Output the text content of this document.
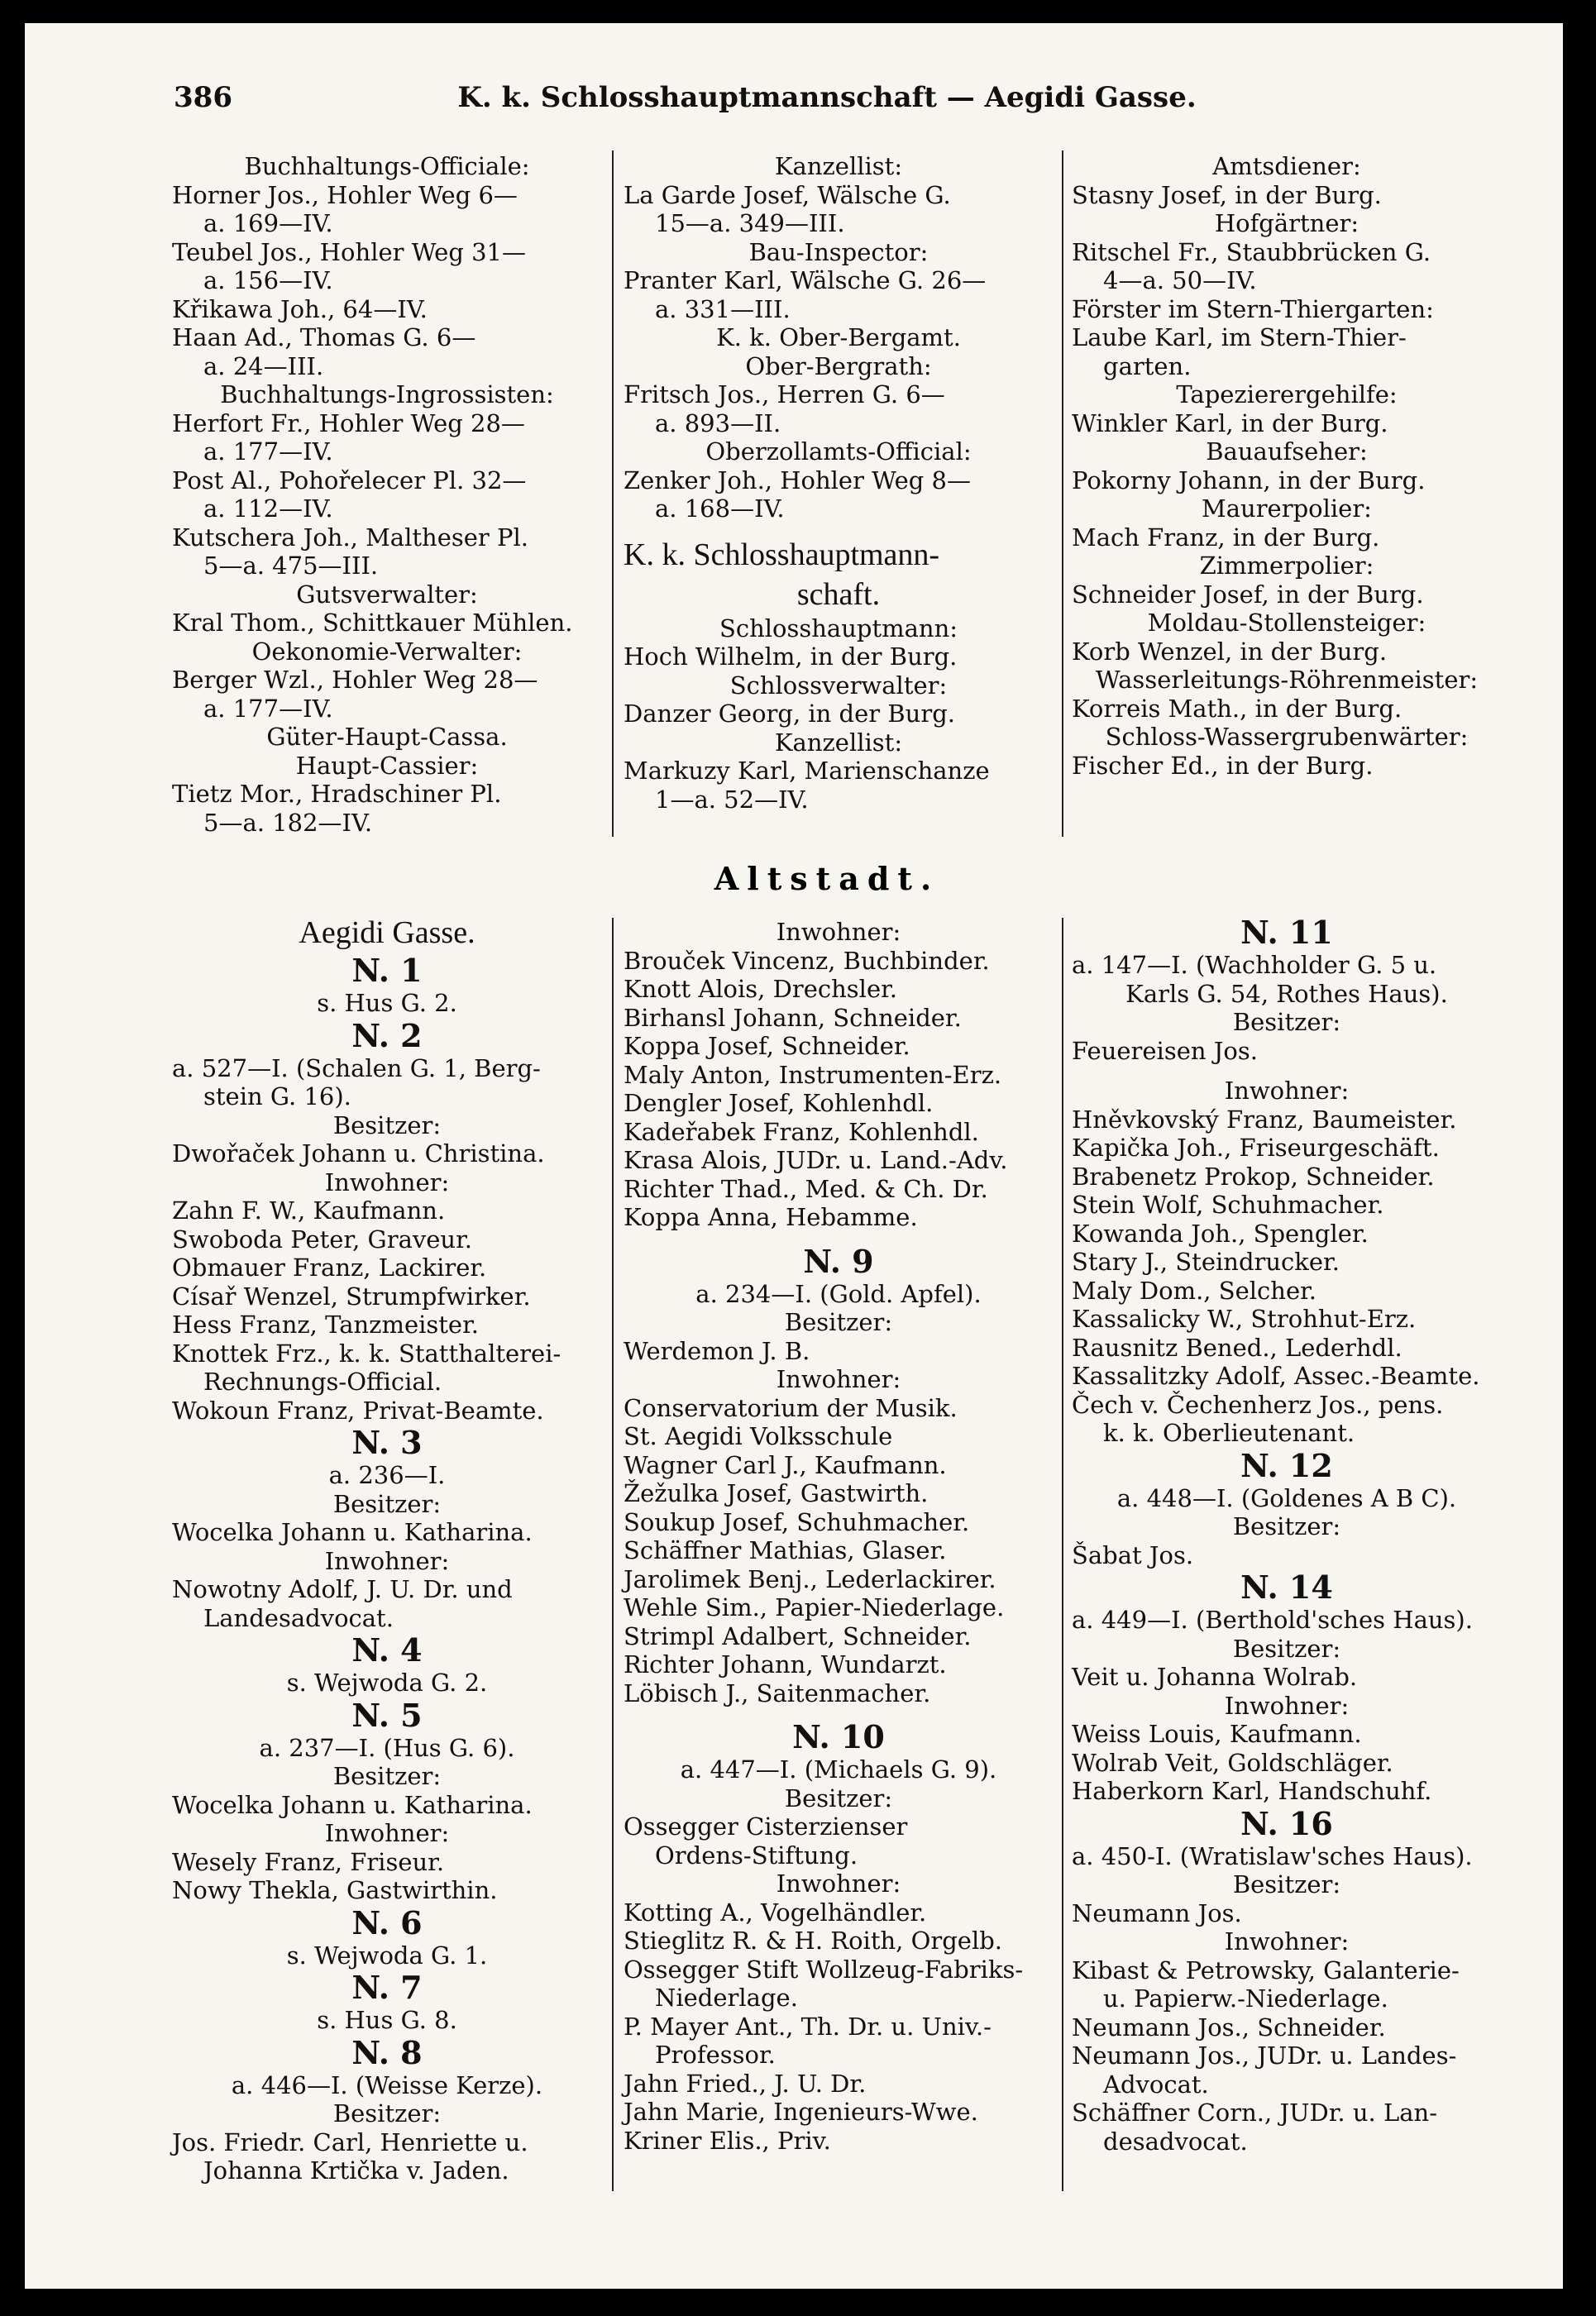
386	K. k. Schlosshauptmannschaft — Aegidi Gasse.
Buchhaltungs-Officiale:
Horner Jos., Hohler Weg 6—
a. 169—IV.
Teubel Jos., Hohler Weg 31—
a. 156—IV.
Křikawa Joh., 64—IV.
Haan Ad., Thomas G. 6—
a. 24—III.
Buchhaltungs-Ingrossisten:
Herfort Fr., Hohler Weg 28—
a. 177—IV.
Post Al., Pohořelecer Pl. 32—
a. 112—IV.
Kutschera Joh., Maltheser Pl.
5—a. 475—III.
Gutsverwalter:
Kral Thom., Schittkauer Mühlen.
Oekonomie-Verwalter:
Berger Wzl., Hohler Weg 28—
a. 177—IV.
Güter-Haupt-Cassa.
Haupt-Cassier:
Tietz Mor., Hradschiner Pl.
5—a. 182—IV.
Kanzellist:
La Garde Josef, Wälsche G.
15—a. 349—III.
Bau-Inspector:
Pranter Karl, Wälsche G. 26—
a. 331—III.
K. k. Ober-Bergamt.
Ober-Bergrath:
Fritsch Jos., Herren G. 6—
a. 893—II.
Oberzollamts-Official:
Zenker Joh., Hohler Weg 8—
a. 168—IV.
K. k. Schlosshauptmann-
schaft.
Schlosshauptmann:
Hoch Wilhelm, in der Burg.
Schlossverwalter:
Danzer Georg, in der Burg.
Kanzellist:
Markuzy Karl, Marienschanze
1—a. 52—IV.
Amtsdiener:
Stasny Josef, in der Burg.
Hofgärtner:
Ritschel Fr., Staubbrücken G.
4—a. 50—IV.
Förster im Stern-Thiergarten:
Laube Karl, im Stern-Thier-
garten.
Tapezierergehilfe:
Winkler Karl, in der Burg.
Bauaufseher:
Pokorny Johann, in der Burg.
Maurerpolier:
Mach Franz, in der Burg.
Zimmerpolier:
Schneider Josef, in der Burg.
Moldau-Stollensteiger:
Korb Wenzel, in der Burg.
Wasserleitungs-Röhrenmeister:
Korreis Math., in der Burg.
Schloss-Wassergrubenwärter:
Fischer Ed., in der Burg.
Altstadt.
Aegidi Gasse.
N. 1
s. Hus G. 2.
N. 2
a. 527—I. (Schalen G. 1, Berg-
stein G. 16).
Besitzer:
Dwořaček Johann u. Christina.
Inwohner:
Zahn F. W., Kaufmann.
Swoboda Peter, Graveur.
Obmauer Franz, Lackirer.
Císař Wenzel, Strumpfwirker.
Hess Franz, Tanzmeister.
Knottek Frz., k. k. Statthalterei-
Rechnungs-Official.
Wokoun Franz, Privat-Beamte.
N. 3
a. 236—I.
Besitzer:
Wocelka Johann u. Katharina.
Inwohner:
Nowotny Adolf, J. U. Dr. und
Landesadvocat.
N. 4
s. Wejwoda G. 2.
N. 5
a. 237—I. (Hus G. 6).
Besitzer:
Wocelka Johann u. Katharina.
Inwohner:
Wesely Franz, Friseur.
Nowy Thekla, Gastwirthin.
N. 6
s. Wejwoda G. 1.
N. 7
s. Hus G. 8.
N. 8
a. 446—I. (Weisse Kerze).
Besitzer:
Jos. Friedr. Carl, Henriette u.
Johanna Krtička v. Jaden.
Inwohner:
Brouček Vincenz, Buchbinder.
Knott Alois, Drechsler.
Birhansl Johann, Schneider.
Koppa Josef, Schneider.
Maly Anton, Instrumenten-Erz.
Dengler Josef, Kohlenhdl.
Kadeřabek Franz, Kohlenhdl.
Krasa Alois, JUDr. u. Land.-Adv.
Richter Thad., Med. & Ch. Dr.
Koppa Anna, Hebamme.
N. 9
a. 234—I. (Gold. Apfel).
Besitzer:
Werdemon J. B.
Inwohner:
Conservatorium der Musik.
St. Aegidi Volksschule
Wagner Carl J., Kaufmann.
Žežulka Josef, Gastwirth.
Soukup Josef, Schuhmacher.
Schäffner Mathias, Glaser.
Jarolimek Benj., Lederlackirer.
Wehle Sim., Papier-Niederlage.
Strimpl Adalbert, Schneider.
Richter Johann, Wundarzt.
Löbisch J., Saitenmacher.
N. 10
a. 447—I. (Michaels G. 9).
Besitzer:
Ossegger Cisterzienser
Ordens-Stiftung.
Inwohner:
Kotting A., Vogelhändler.
Stieglitz R. & H. Roith, Orgelb.
Ossegger Stift Wollzeug-Fabriks-
Niederlage.
P. Mayer Ant., Th. Dr. u. Univ.-
Professor.
Jahn Fried., J. U. Dr.
Jahn Marie, Ingenieurs-Wwe.
Kriner Elis., Priv.
N. 11
a. 147—I. (Wachholder G. 5 u.
Karls G. 54, Rothes Haus).
Besitzer:
Feuereisen Jos.
Inwohner:
Hněvkovský Franz, Baumeister.
Kapička Joh., Friseurgeschäft.
Brabenetz Prokop, Schneider.
Stein Wolf, Schuhmacher.
Kowanda Joh., Spengler.
Stary J., Steindrucker.
Maly Dom., Selcher.
Kassalicky W., Strohhut-Erz.
Rausnitz Bened., Lederhdl.
Kassalitzky Adolf, Assec.-Beamte.
Čech v. Čechenherz Jos., pens.
k. k. Oberlieutenant.
N. 12
a. 448—I. (Goldenes A B C).
Besitzer:
Šabat Jos.
N. 14
a. 449—I. (Berthold'sches Haus).
Besitzer:
Veit u. Johanna Wolrab.
Inwohner:
Weiss Louis, Kaufmann.
Wolrab Veit, Goldschläger.
Haberkorn Karl, Handschuhf.
N. 16
a. 450-I. (Wratislaw'sches Haus).
Besitzer:
Neumann Jos.
Inwohner:
Kibast & Petrowsky, Galanterie-
u. Papierw.-Niederlage.
Neumann Jos., Schneider.
Neumann Jos., JUDr. u. Landes-
Advocat.
Schäffner Corn., JUDr. u. Lan-
desadvocat.
